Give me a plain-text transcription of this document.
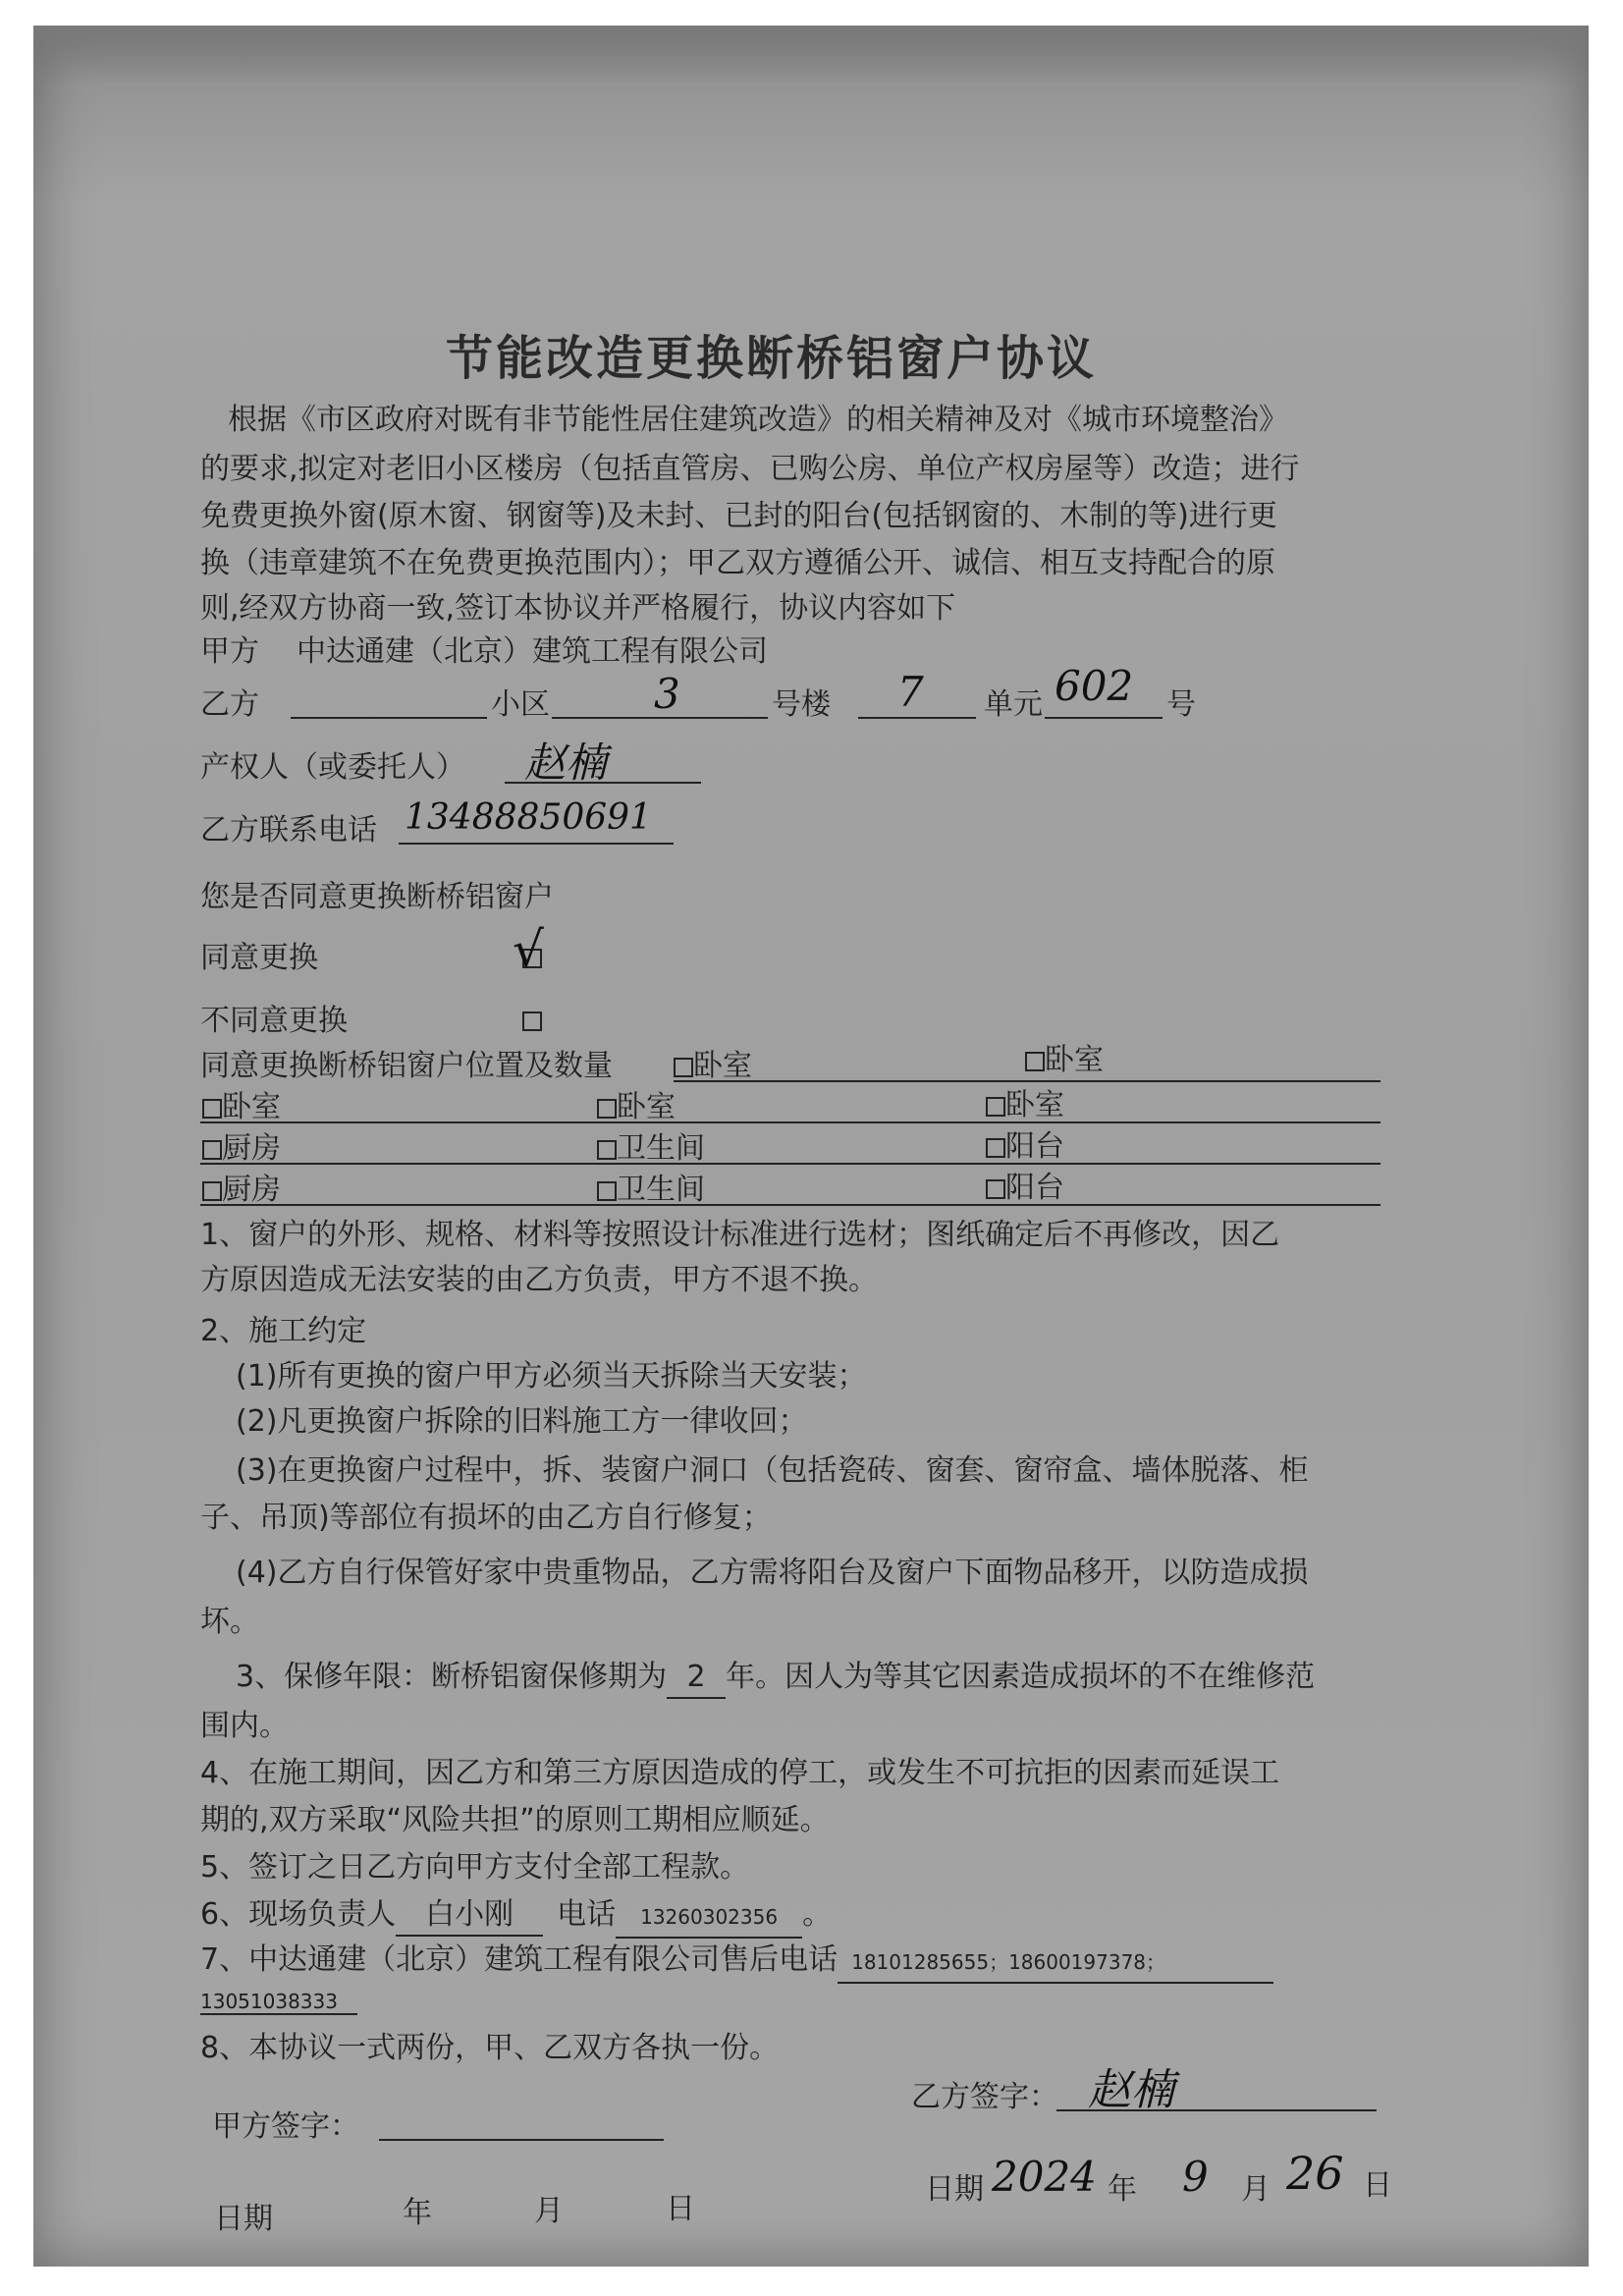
节能改造更换断桥铝窗户协议
根据《市区政府对既有非节能性居住建筑改造》的相关精神及对《城市环境整治》
的要求,拟定对老旧小区楼房（包括直管房、已购公房、单位产权房屋等）改造；进行
免费更换外窗(原木窗、钢窗等)及未封、已封的阳台(包括钢窗的、木制的等)进行更
换（违章建筑不在免费更换范围内）；甲乙双方遵循公开、诚信、相互支持配合的原
则,经双方协商一致,签订本协议并严格履行，协议内容如下
甲方 中达通建（北京）建筑工程有限公司
乙方	小区	3	号楼 7 单元 602 号
产权人（或委托人） 赵楠
乙方联系电话 13488850691
您是否同意更换断桥铝窗户
同意更换	√
不同意更换
同意更换断桥铝窗户位置及数量	卧室	卧室
卧室	卧室	卧室
厨房	卫生间	阳台
厨房	卫生间	阳台
1、窗户的外形、规格、材料等按照设计标准进行选材；图纸确定后不再修改，因乙
方原因造成无法安装的由乙方负责，甲方不退不换。
2、施工约定
(1)所有更换的窗户甲方必须当天拆除当天安装；
(2)凡更换窗户拆除的旧料施工方一律收回；
(3)在更换窗户过程中，拆、装窗户洞口（包括瓷砖、窗套、窗帘盒、墙体脱落、柜
子、吊顶)等部位有损坏的由乙方自行修复；
(4)乙方自行保管好家中贵重物品，乙方需将阳台及窗户下面物品移开，以防造成损
坏。
3、保修年限：断桥铝窗保修期为 2 年。因人为等其它因素造成损坏的不在维修范
围内。
4、在施工期间，因乙方和第三方原因造成的停工，或发生不可抗拒的因素而延误工
期的,双方采取“风险共担”的原则工期相应顺延。
5、签订之日乙方向甲方支付全部工程款。
6、现场负责人 白小刚 电话 13260302356 。
7、中达通建（北京）建筑工程有限公司售后电话 18101285655；18600197378；
13051038333
8、本协议一式两份，甲、乙双方各执一份。
甲方签字：
乙方签字： 赵楠
日期	年	月	日
日期 2024 年 9 月 26 日
